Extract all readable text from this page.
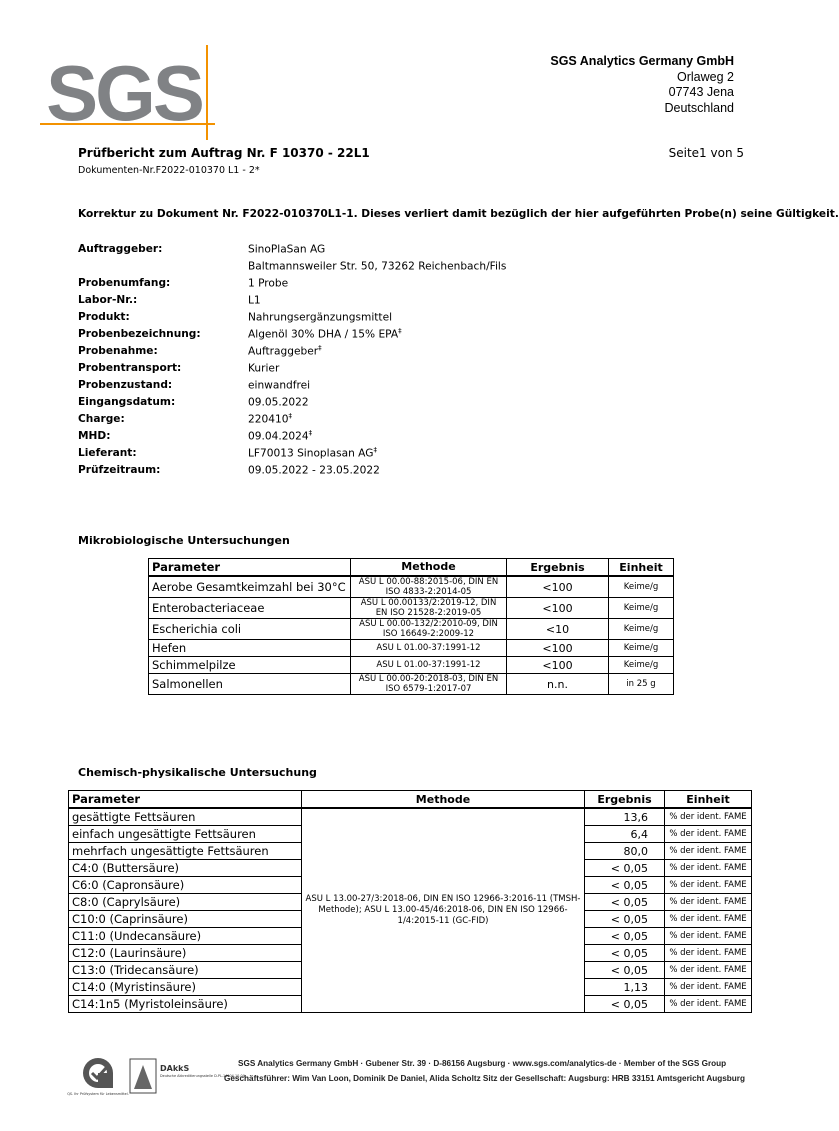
SGS	SGS Analytics Germany GmbH
Orlaweg 2
07743 Jena
Deutschland
Prüfbericht zum Auftrag Nr. F 10370 - 22L1	Seite1 von 5
Dokumenten-Nr.F2022-010370 L1 - 2*
Korrektur zu Dokument Nr. F2022-010370L1-1. Dieses verliert damit bezüglich der hier aufgeführten Probe(n) seine Gültigkeit.
Auftraggeber:	SinoPlaSan AG
Baltmannsweiler Str. 50, 73262 Reichenbach/Fils
Probenumfang:	1 Probe
Labor-Nr.:	L1
Produkt:	Nahrungsergänzungsmittel
Probenbezeichnung:	Algenöl 30% DHA / 15% EPA‡
Probenahme:	Auftraggeber‡
Probentransport:	Kurier
Probenzustand:	einwandfrei
Eingangsdatum:	09.05.2022
Charge:	220410‡
MHD:	09.04.2024‡
Lieferant:	LF70013 Sinoplasan AG‡
Prüfzeitraum:	09.05.2022 - 23.05.2022
Mikrobiologische Untersuchungen
Parameter	Methode	Ergebnis	Einheit
Aerobe Gesamtkeimzahl bei 30°C	ASU L 00.00-88:2015-06, DIN EN ISO 4833-2:2014-05	<100	Keime/g
Enterobacteriaceae	ASU L 00.00133/2:2019-12, DIN EN ISO 21528-2:2019-05	<100	Keime/g
Escherichia coli	ASU L 00.00-132/2:2010-09, DIN ISO 16649-2:2009-12	<10	Keime/g
Hefen	ASU L 01.00-37:1991-12	<100	Keime/g
Schimmelpilze	ASU L 01.00-37:1991-12	<100	Keime/g
Salmonellen	ASU L 00.00-20:2018-03, DIN EN ISO 6579-1:2017-07	n.n.	in 25 g
Chemisch-physikalische Untersuchung
Parameter	Methode	Ergebnis	Einheit
gesättigte Fettsäuren	ASU L 13.00-27/3:2018-06, DIN EN ISO 12966-3:2016-11 (TMSH-Methode); ASU L 13.00-45/46:2018-06, DIN EN ISO 12966-1/4:2015-11 (GC-FID)	13,6	% der ident. FAME
einfach ungesättigte Fettsäuren		6,4	% der ident. FAME
mehrfach ungesättigte Fettsäuren		80,0	% der ident. FAME
C4:0 (Buttersäure)		< 0,05	% der ident. FAME
C6:0 (Capronsäure)		< 0,05	% der ident. FAME
C8:0 (Caprylsäure)		< 0,05	% der ident. FAME
C10:0 (Caprinsäure)		< 0,05	% der ident. FAME
C11:0 (Undecansäure)		< 0,05	% der ident. FAME
C12:0 (Laurinsäure)		< 0,05	% der ident. FAME
C13:0 (Tridecansäure)		< 0,05	% der ident. FAME
C14:0 (Myristinsäure)		1,13	% der ident. FAME
C14:1n5 (Myristoleinsäure)		< 0,05	% der ident. FAME
QS. Ihr Prüfsystem für Lebensmittel.
DAkkS
Deutsche Akkreditierungsstelle D-PL-14004-10-00
SGS Analytics Germany GmbH · Gubener Str. 39 · D-86156 Augsburg · www.sgs.com/analytics-de · Member of the SGS Group
Geschäftsführer: Wim Van Loon, Dominik De Daniel, Alida Scholtz Sitz der Gesellschaft: Augsburg: HRB 33151 Amtsgericht Augsburg
